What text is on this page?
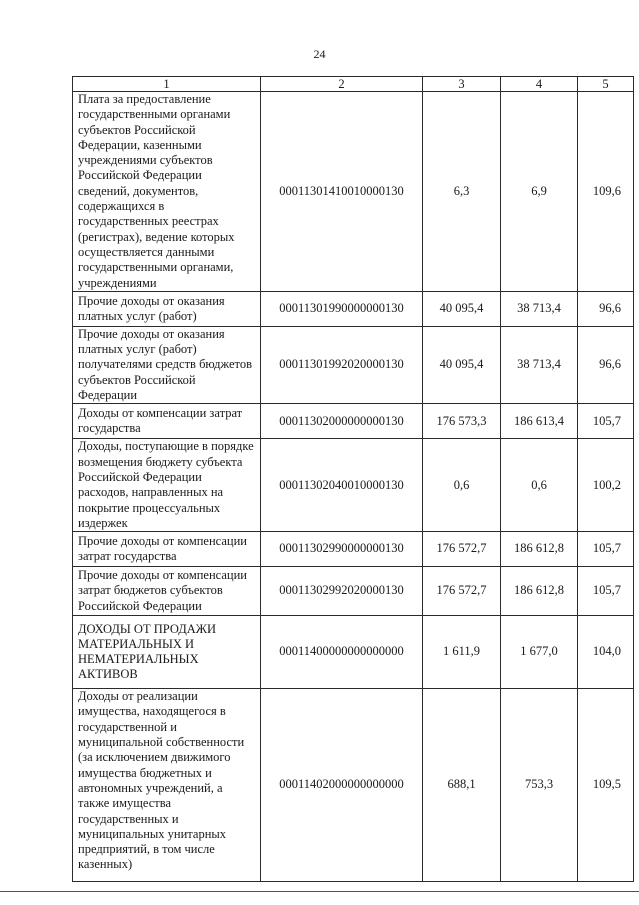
24
1	2	3	4	5
Плата за предоставление государственными органами субъектов Российской Федерации, казенными учреждениями субъектов Российской Федерации сведений, документов, содержащихся в государственных реестрах (регистрах), ведение которых осуществляется данными государственными органами, учреждениями	00011301410010000130	6,3	6,9	109,6
Прочие доходы от оказания платных услуг (работ)	00011301990000000130	40 095,4	38 713,4	96,6
Прочие доходы от оказания платных услуг (работ) получателями средств бюджетов субъектов Российской Федерации	00011301992020000130	40 095,4	38 713,4	96,6
Доходы от компенсации затрат государства	00011302000000000130	176 573,3	186 613,4	105,7
Доходы, поступающие в порядке возмещения бюджету субъекта Российской Федерации расходов, направленных на покрытие процессуальных издержек	00011302040010000130	0,6	0,6	100,2
Прочие доходы от компенсации затрат государства	00011302990000000130	176 572,7	186 612,8	105,7
Прочие доходы от компенсации затрат бюджетов субъектов Российской Федерации	00011302992020000130	176 572,7	186 612,8	105,7
ДОХОДЫ ОТ ПРОДАЖИ МАТЕРИАЛЬНЫХ И НЕМАТЕРИАЛЬНЫХ АКТИВОВ	00011400000000000000	1 611,9	1 677,0	104,0
Доходы от реализации имущества, находящегося в государственной и муниципальной собственности (за исключением движимого имущества бюджетных и автономных учреждений, а также имущества государственных и муниципальных унитарных предприятий, в том числе казенных)	00011402000000000000	688,1	753,3	109,5
